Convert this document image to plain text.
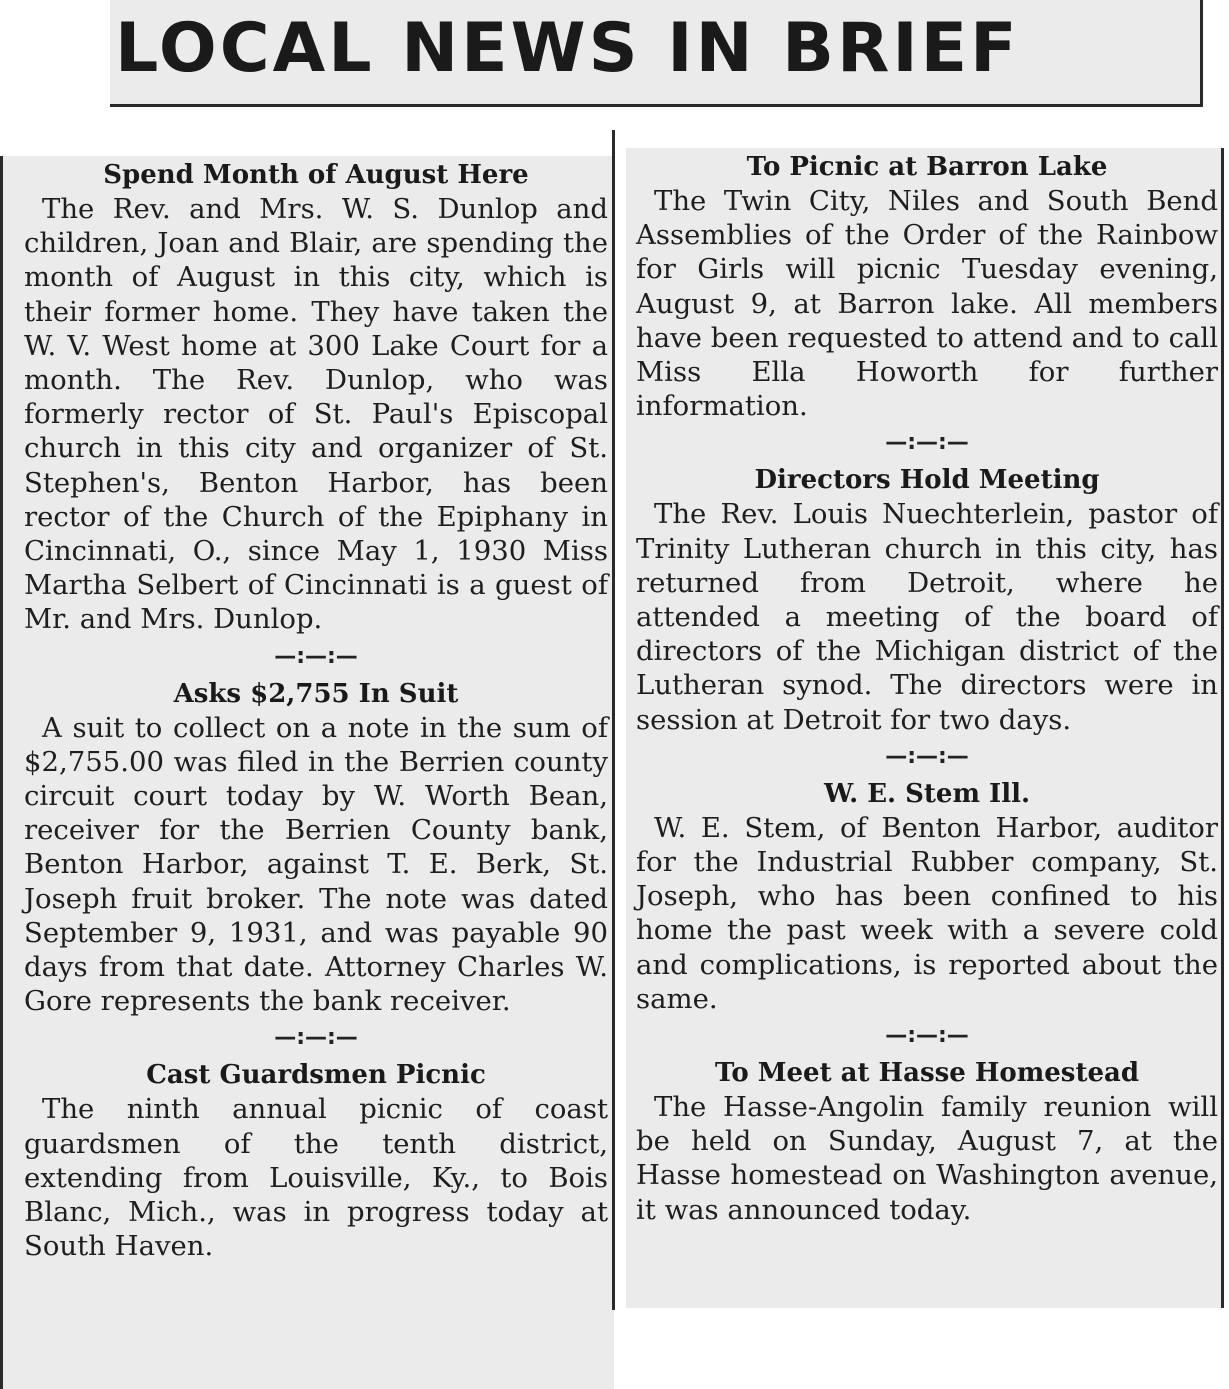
LOCAL NEWS IN BRIEF
Spend Month of August Here

The Rev. and Mrs. W. S. Dunlop and children, Joan and Blair, are spending the month of August in this city, which is their former home. They have taken the W. V. West home at 300 Lake Court for a month. The Rev. Dunlop, who was formerly rector of St. Paul's Episcopal church in this city and organizer of St. Stephen's, Benton Harbor, has been rector of the Church of the Epiphany in Cincinnati, O., since May 1, 1930 Miss Martha Selbert of Cincinnati is a guest of Mr. and Mrs. Dunlop.

—:—:—
Asks $2,755 In Suit

A suit to collect on a note in the sum of $2,755.00 was filed in the Berrien county circuit court today by W. Worth Bean, receiver for the Berrien County bank, Benton Harbor, against T. E. Berk, St. Joseph fruit broker. The note was dated September 9, 1931, and was payable 90 days from that date. Attorney Charles W. Gore represents the bank receiver.

—:—:—
Cast Guardsmen Picnic

The ninth annual picnic of coast guardsmen of the tenth district, extending from Louisville, Ky., to Bois Blanc, Mich., was in progress today at South Haven.

To Picnic at Barron Lake

The Twin City, Niles and South Bend Assemblies of the Order of the Rainbow for Girls will picnic Tuesday evening, August 9, at Barron lake. All members have been requested to attend and to call Miss Ella Howorth for further information.

—:—:—
Directors Hold Meeting

The Rev. Louis Nuechterlein, pastor of Trinity Lutheran church in this city, has returned from Detroit, where he attended a meeting of the board of directors of the Michigan district of the Lutheran synod. The directors were in session at Detroit for two days.

—:—:—
W. E. Stem Ill.

W. E. Stem, of Benton Harbor, auditor for the Industrial Rubber company, St. Joseph, who has been confined to his home the past week with a severe cold and complications, is reported about the same.

—:—:—
To Meet at Hasse Homestead

The Hasse-Angolin family reunion will be held on Sunday, August 7, at the Hasse homestead on Washington avenue, it was announced today.
